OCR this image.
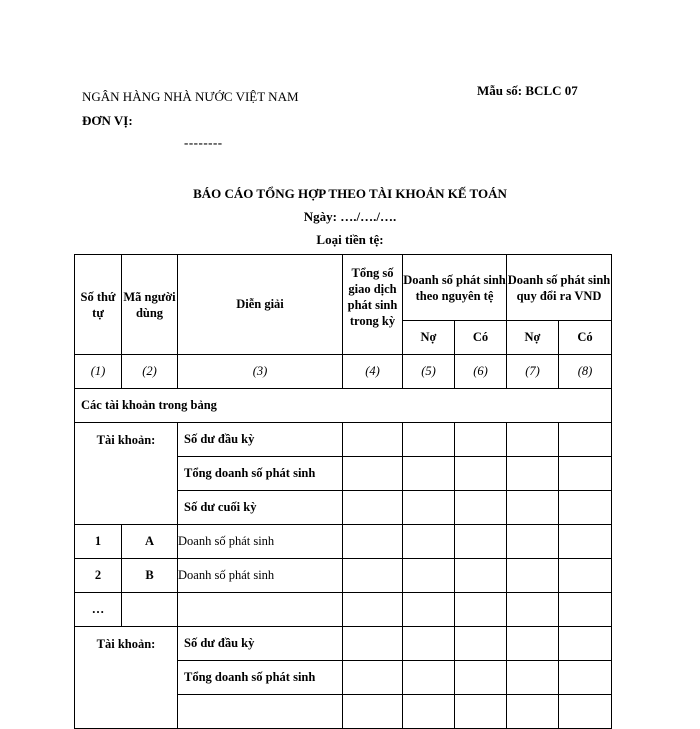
NGÂN HÀNG NHÀ NƯỚC VIỆT NAM
ĐƠN VỊ:
--------
Mẫu số: BCLC 07
BÁO CÁO TỔNG HỢP THEO TÀI KHOẢN KẾ TOÁN
Ngày: …./…./….
Loại tiền tệ:
Số thứ tự	Mã người dùng	Diễn giải	Tổng số giao dịch phát sinh trong kỳ	Doanh số phát sinh theo nguyên tệ		Doanh số phát sinh quy đổi ra VND	
				Nợ	Có	Nợ	Có
(1)	(2)	(3)	(4)	(5)	(6)	(7)	(8)
Các tài khoản trong bảng							
Tài khoản:		Số dư đầu kỳ					
		Tổng doanh số phát sinh					
		Số dư cuối kỳ					
1	A	Doanh số phát sinh					
2	B	Doanh số phát sinh					
…							
Tài khoản:		Số dư đầu kỳ					
		Tổng doanh số phát sinh					
